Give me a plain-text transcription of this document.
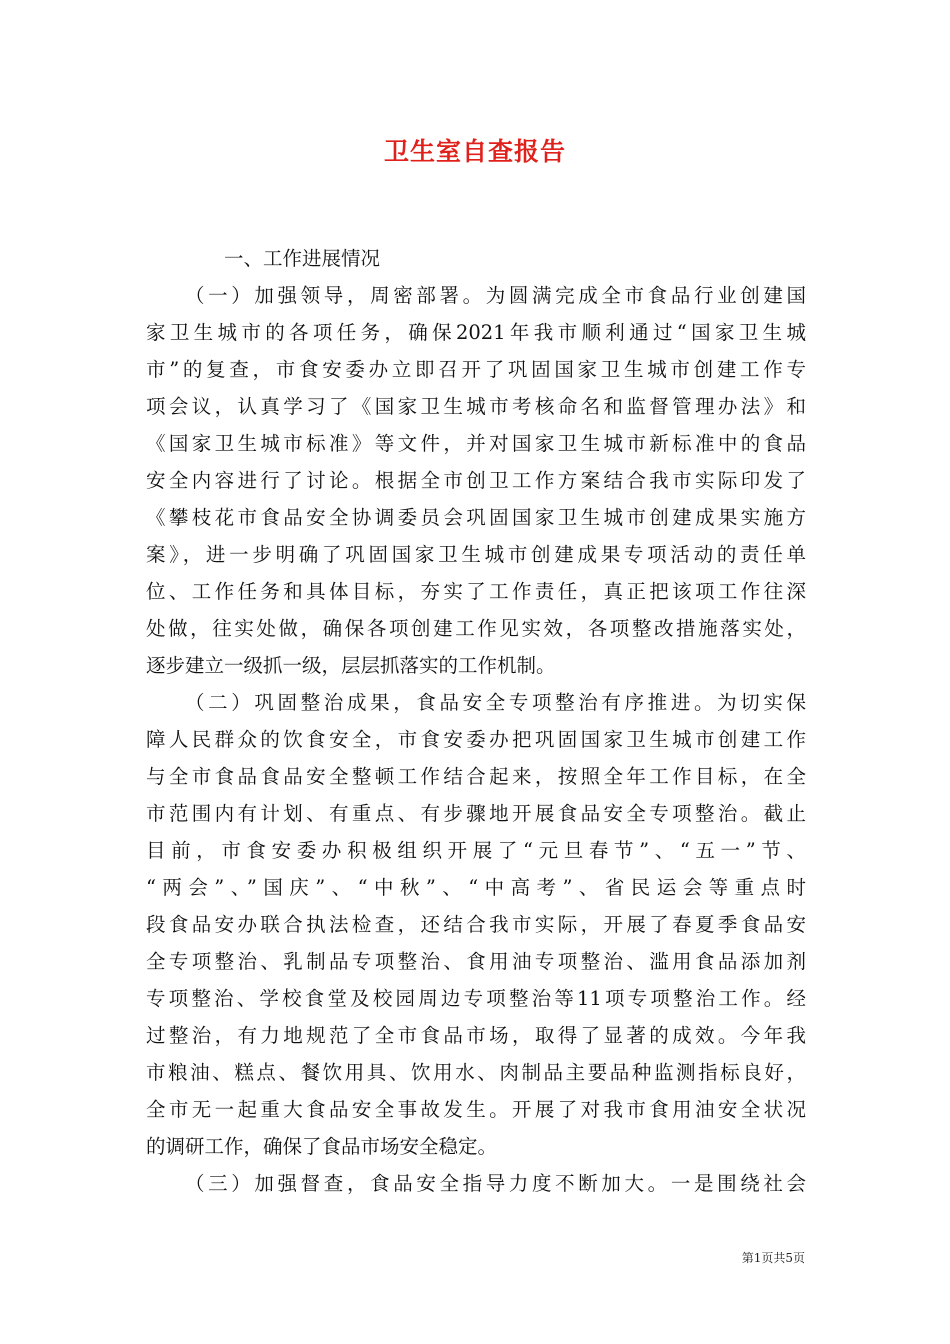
卫生室自查报告
一、工作进展情况
（一）加强领导，周密部署。为圆满完成全市食品行业创建国
家卫生城市的各项任务，确保2021年我市顺利通过“国家卫生城
市”的复查，市食安委办立即召开了巩固国家卫生城市创建工作专
项会议，认真学习了《国家卫生城市考核命名和监督管理办法》和
《国家卫生城市标准》等文件，并对国家卫生城市新标准中的食品
安全内容进行了讨论。根据全市创卫工作方案结合我市实际印发了
《攀枝花市食品安全协调委员会巩固国家卫生城市创建成果实施方
案》，进一步明确了巩固国家卫生城市创建成果专项活动的责任单
位、工作任务和具体目标，夯实了工作责任，真正把该项工作往深
处做，往实处做，确保各项创建工作见实效，各项整改措施落实处，
逐步建立一级抓一级，层层抓落实的工作机制。
（二）巩固整治成果，食品安全专项整治有序推进。为切实保
障人民群众的饮食安全，市食安委办把巩固国家卫生城市创建工作
与全市食品食品安全整顿工作结合起来，按照全年工作目标，在全
市范围内有计划、有重点、有步骤地开展食品安全专项整治。截止
目前，市食安委办积极组织开展了“元旦春节”、“五一”节、
“两会”、”国庆”、“中秋”、“中高考”、省民运会等重点时
段食品安办联合执法检查，还结合我市实际，开展了春夏季食品安
全专项整治、乳制品专项整治、食用油专项整治、滥用食品添加剂
专项整治、学校食堂及校园周边专项整治等11项专项整治工作。经
过整治，有力地规范了全市食品市场，取得了显著的成效。今年我
市粮油、糕点、餐饮用具、饮用水、肉制品主要品种监测指标良好，
全市无一起重大食品安全事故发生。开展了对我市食用油安全状况
的调研工作，确保了食品市场安全稳定。
（三）加强督查，食品安全指导力度不断加大。一是围绕社会
第1页共5页
